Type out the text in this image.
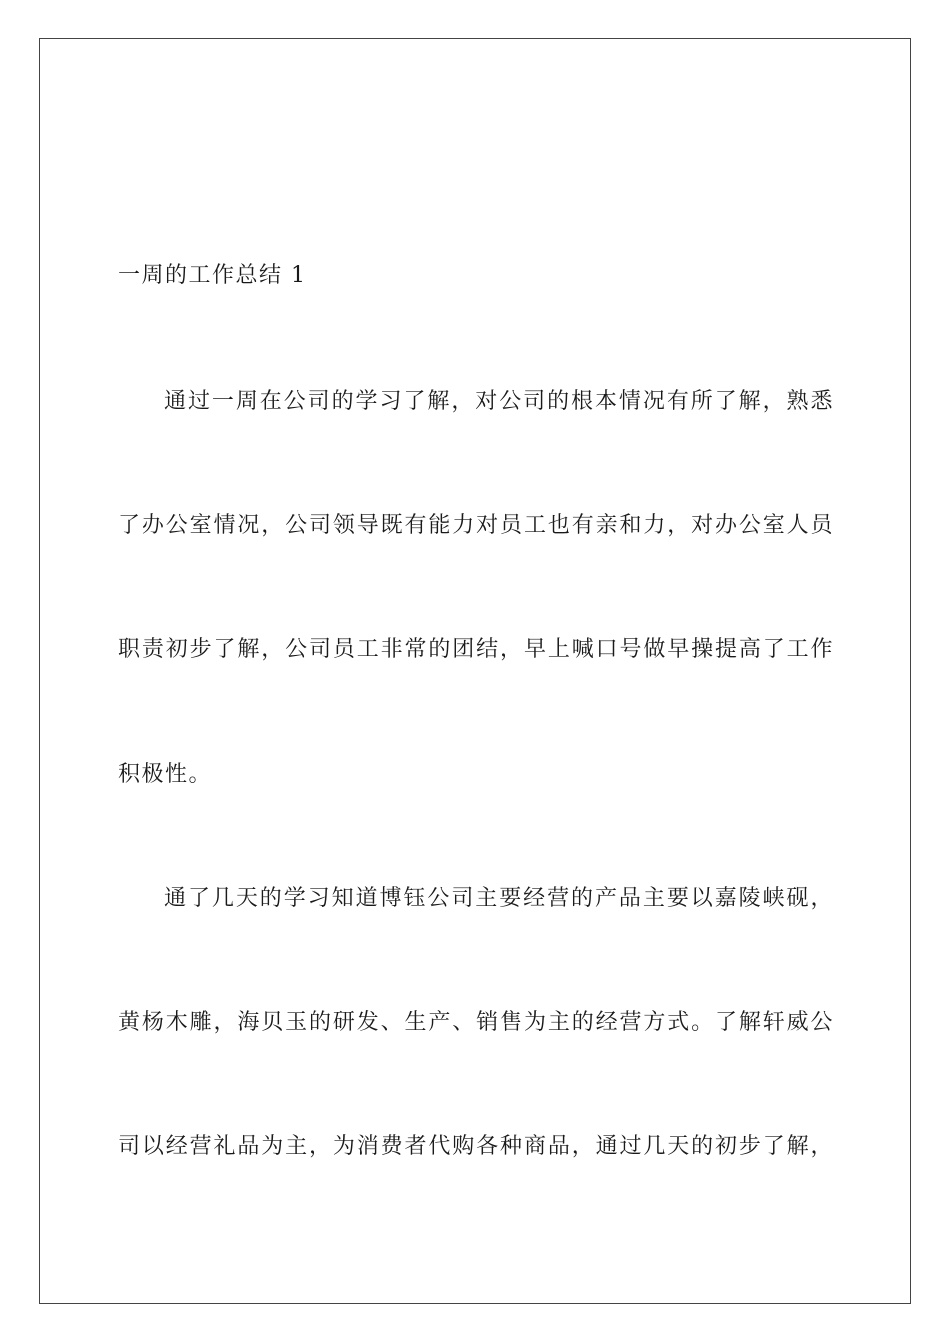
一周的工作总结 1
通过一周在公司的学习了解，对公司的根本情况有所了解，熟悉
了办公室情况，公司领导既有能力对员工也有亲和力，对办公室人员
职责初步了解，公司员工非常的团结，早上喊口号做早操提高了工作
积极性。
通了几天的学习知道博钰公司主要经营的产品主要以嘉陵峡砚，
黄杨木雕，海贝玉的研发、生产、销售为主的经营方式。了解轩威公
司以经营礼品为主，为消费者代购各种商品，通过几天的初步了解，
